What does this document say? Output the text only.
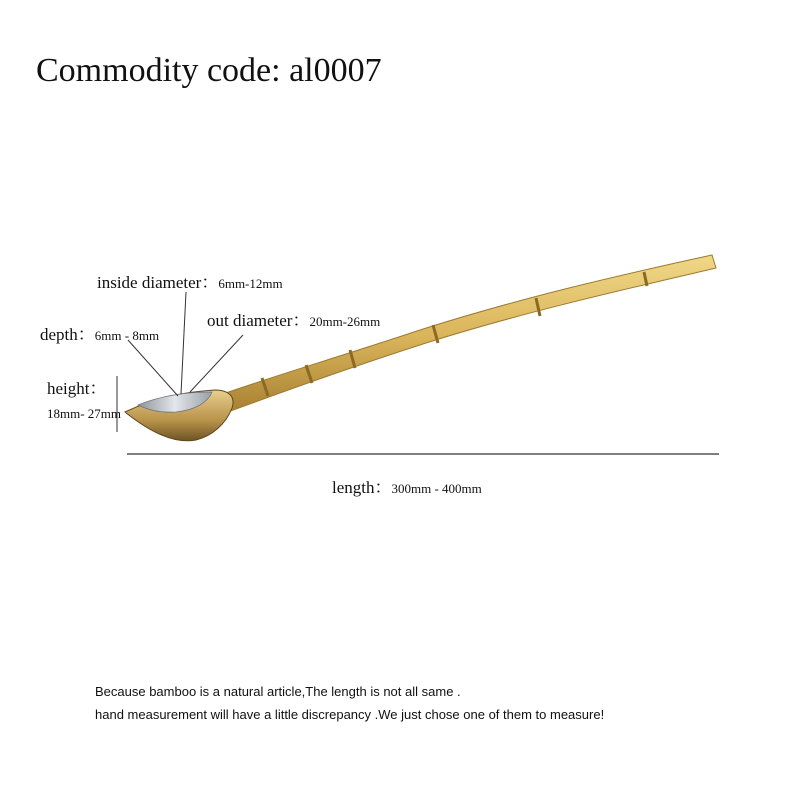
Commodity code: al0007
inside diameter：6mm-12mm
out diameter：20mm-26mm
depth：6mm - 8mm
height：
18mm- 27mm
length：300mm - 400mm
Because bamboo is a natural article,The length is not all same .
hand measurement will have a little discrepancy .We just chose one of them to measure!
